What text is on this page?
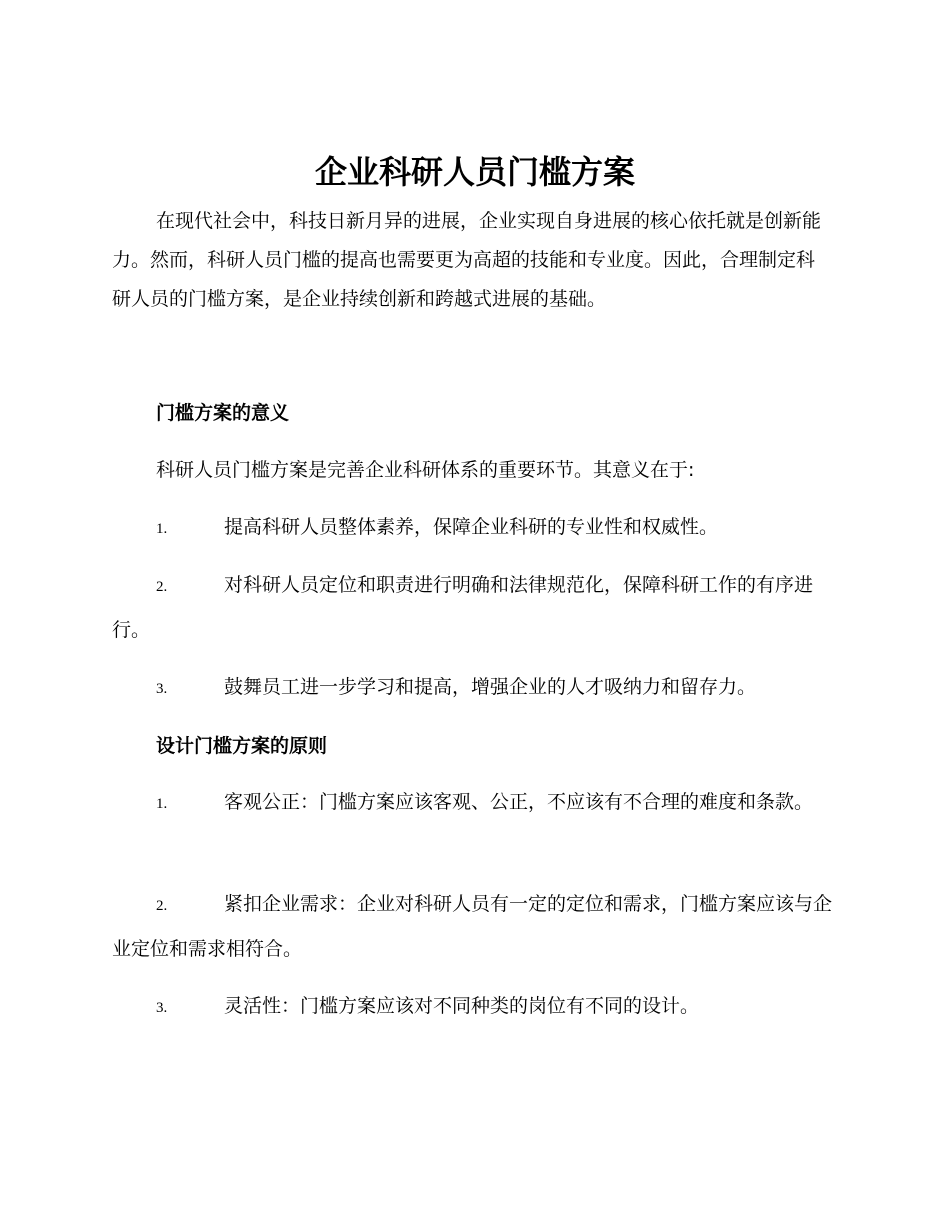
企业科研人员门槛方案

在现代社会中，科技日新月异的进展，企业实现自身进展的核心依托就是创新能力。然而，科研人员门槛的提高也需要更为高超的技能和专业度。因此，合理制定科研人员的门槛方案，是企业持续创新和跨越式进展的基础。

门槛方案的意义

科研人员门槛方案是完善企业科研体系的重要环节。其意义在于:

1.	提高科研人员整体素养，保障企业科研的专业性和权威性。

2.	对科研人员定位和职责进行明确和法律规范化，保障科研工作的有序进行。

3.	鼓舞员工进一步学习和提高，增强企业的人才吸纳力和留存力。

设计门槛方案的原则

1.	客观公正：门槛方案应该客观、公正，不应该有不合理的难度和条款。

2.	紧扣企业需求：企业对科研人员有一定的定位和需求，门槛方案应该与企业定位和需求相符合。

3.	灵活性：门槛方案应该对不同种类的岗位有不同的设计。
